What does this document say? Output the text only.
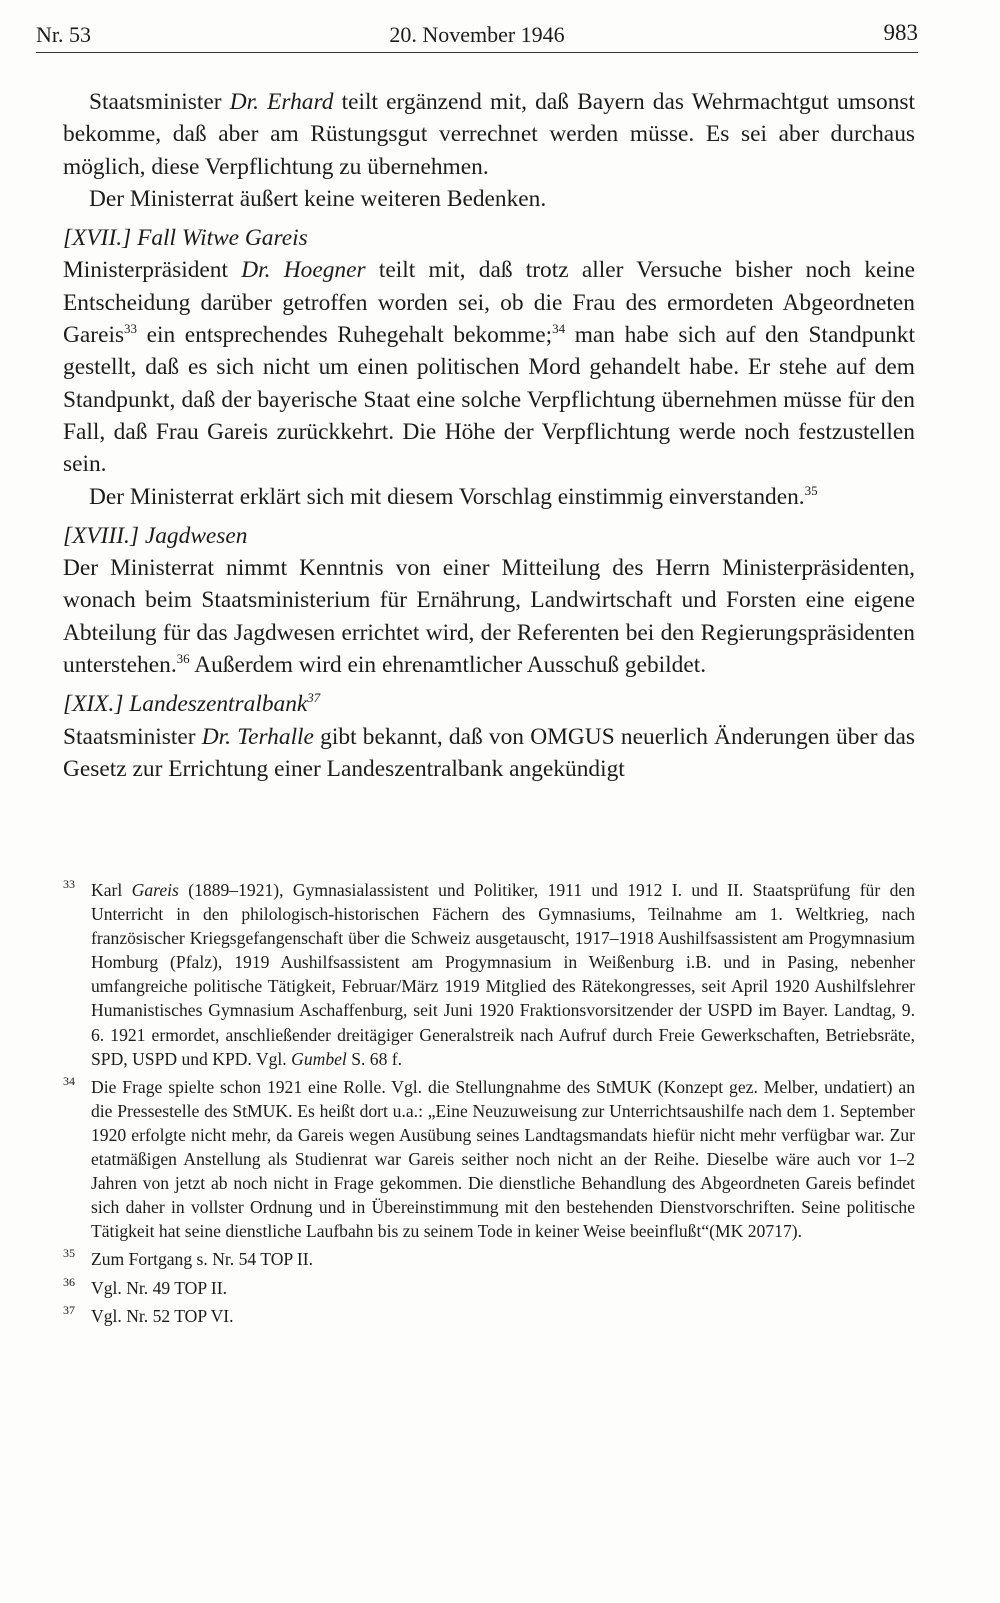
Nr. 53	20. November 1946	983

Staatsminister Dr. Erhard teilt ergänzend mit, daß Bayern das Wehrmachtgut umsonst bekomme, daß aber am Rüstungsgut verrechnet werden müsse. Es sei aber durchaus möglich, diese Verpflichtung zu übernehmen.

Der Ministerrat äußert keine weiteren Bedenken.

[XVII.] Fall Witwe Gareis

Ministerpräsident Dr. Hoegner teilt mit, daß trotz aller Versuche bisher noch keine Entscheidung darüber getroffen worden sei, ob die Frau des ermordeten Abgeordneten Gareis$^{33}$ ein entsprechendes Ruhegehalt bekomme;$^{34}$ man habe sich auf den Standpunkt gestellt, daß es sich nicht um einen politischen Mord gehandelt habe. Er stehe auf dem Standpunkt, daß der bayerische Staat eine solche Verpflichtung übernehmen müsse für den Fall, daß Frau Gareis zurückkehrt. Die Höhe der Verpflichtung werde noch festzustellen sein.

Der Ministerrat erklärt sich mit diesem Vorschlag einstimmig einverstanden.$^{35}$

[XVIII.] Jagdwesen

Der Ministerrat nimmt Kenntnis von einer Mitteilung des Herrn Ministerpräsidenten, wonach beim Staatsministerium für Ernährung, Landwirtschaft und Forsten eine eigene Abteilung für das Jagdwesen errichtet wird, der Referenten bei den Regierungspräsidenten unterstehen.$^{36}$ Außerdem wird ein ehrenamtlicher Ausschuß gebildet.

[XIX.] Landeszentralbank$^{37}$

Staatsminister Dr. Terhalle gibt bekannt, daß von OMGUS neuerlich Änderungen über das Gesetz zur Errichtung einer Landeszentralbank angekündigt

33 Karl Gareis (1889–1921), Gymnasialassistent und Politiker, 1911 und 1912 I. und II. Staatsprüfung für den Unterricht in den philologisch-historischen Fächern des Gymnasiums, Teilnahme am 1. Weltkrieg, nach französischer Kriegsgefangenschaft über die Schweiz ausgetauscht, 1917–1918 Aushilfsassistent am Progymnasium Homburg (Pfalz), 1919 Aushilfsassistent am Progymnasium in Weißenburg i.B. und in Pasing, nebenher umfangreiche politische Tätigkeit, Februar/März 1919 Mitglied des Rätekongresses, seit April 1920 Aushilfslehrer Humanistisches Gymnasium Aschaffenburg, seit Juni 1920 Fraktionsvorsitzender der USPD im Bayer. Landtag, 9. 6. 1921 ermordet, anschließender dreitägiger Generalstreik nach Aufruf durch Freie Gewerkschaften, Betriebsräte, SPD, USPD und KPD. Vgl. Gumbel S. 68 f.
34 Die Frage spielte schon 1921 eine Rolle. Vgl. die Stellungnahme des StMUK (Konzept gez. Melber, undatiert) an die Pressestelle des StMUK. Es heißt dort u.a.: „Eine Neuzuweisung zur Unterrichtsaushilfe nach dem 1. September 1920 erfolgte nicht mehr, da Gareis wegen Ausübung seines Landtagsmandats hiefür nicht mehr verfügbar war. Zur etatmäßigen Anstellung als Studienrat war Gareis seither noch nicht an der Reihe. Dieselbe wäre auch vor 1–2 Jahren von jetzt ab noch nicht in Frage gekommen. Die dienstliche Behandlung des Abgeordneten Gareis befindet sich daher in vollster Ordnung und in Übereinstimmung mit den bestehenden Dienstvorschriften. Seine politische Tätigkeit hat seine dienstliche Laufbahn bis zu seinem Tode in keiner Weise beeinflußt“(MK 20717).
35 Zum Fortgang s. Nr. 54 TOP II.
36 Vgl. Nr. 49 TOP II.
37 Vgl. Nr. 52 TOP VI.
